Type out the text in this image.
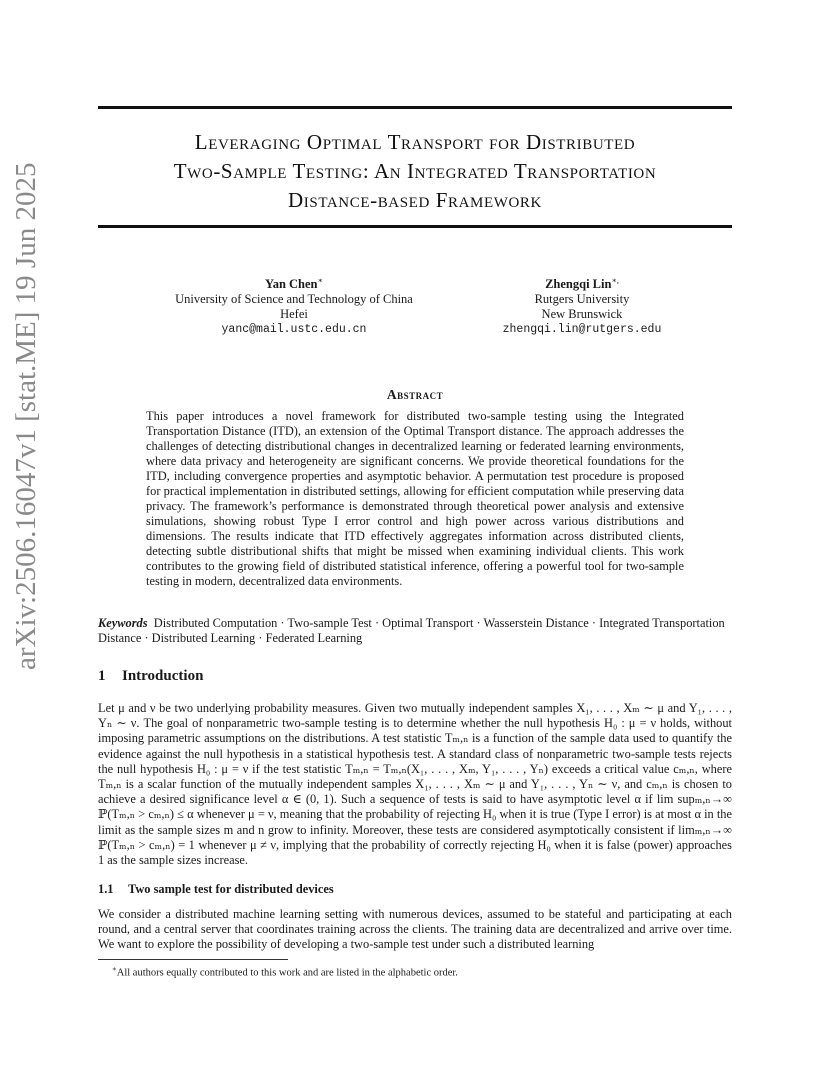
arXiv:2506.16047v1 [stat.ME] 19 Jun 2025
Leveraging Optimal Transport for Distributed
Two-Sample Testing: An Integrated Transportation
Distance-based Framework
Yan Chen∗
University of Science and Technology of China
Hefei
yanc@mail.ustc.edu.cn
Zhengqi Lin∗,
Rutgers University
New Brunswick
zhengqi.lin@rutgers.edu
Abstract
This paper introduces a novel framework for distributed two-sample testing using the Integrated Transportation Distance (ITD), an extension of the Optimal Transport distance. The approach addresses the challenges of detecting distributional changes in decentralized learning or federated learning environments, where data privacy and heterogeneity are significant concerns. We provide theoretical foundations for the ITD, including convergence properties and asymptotic behavior. A permutation test procedure is proposed for practical implementation in distributed settings, allowing for efficient computation while preserving data privacy. The framework’s performance is demonstrated through theoretical power analysis and extensive simulations, showing robust Type I error control and high power across various distributions and dimensions. The results indicate that ITD effectively aggregates information across distributed clients, detecting subtle distributional shifts that might be missed when examining individual clients. This work contributes to the growing field of distributed statistical inference, offering a powerful tool for two-sample testing in modern, decentralized data environments.
Keywords Distributed Computation · Two-sample Test · Optimal Transport · Wasserstein Distance · Integrated Transportation Distance · Distributed Learning · Federated Learning
1 Introduction
Let μ and ν be two underlying probability measures. Given two mutually independent samples X₁, . . . , Xₘ ∼ μ and Y₁, . . . , Yₙ ∼ ν. The goal of nonparametric two-sample testing is to determine whether the null hypothesis H₀ : μ = ν holds, without imposing parametric assumptions on the distributions. A test statistic Tₘ,ₙ is a function of the sample data used to quantify the evidence against the null hypothesis in a statistical hypothesis test. A standard class of nonparametric two-sample tests rejects the null hypothesis H₀ : μ = ν if the test statistic Tₘ,ₙ = Tₘ,ₙ(X₁, . . . , Xₘ, Y₁, . . . , Yₙ) exceeds a critical value cₘ,ₙ, where Tₘ,ₙ is a scalar function of the mutually independent samples X₁, . . . , Xₘ ∼ μ and Y₁, . . . , Yₙ ∼ ν, and cₘ,ₙ is chosen to achieve a desired significance level α ∈ (0, 1). Such a sequence of tests is said to have asymptotic level α if lim supₘ,ₙ→∞ ℙ(Tₘ,ₙ > cₘ,ₙ) ≤ α whenever μ = ν, meaning that the probability of rejecting H₀ when it is true (Type I error) is at most α in the limit as the sample sizes m and n grow to infinity. Moreover, these tests are considered asymptotically consistent if limₘ,ₙ→∞ ℙ(Tₘ,ₙ > cₘ,ₙ) = 1 whenever μ ≠ ν, implying that the probability of correctly rejecting H₀ when it is false (power) approaches 1 as the sample sizes increase.
1.1 Two sample test for distributed devices
We consider a distributed machine learning setting with numerous devices, assumed to be stateful and participating at each round, and a central server that coordinates training across the clients. The training data are decentralized and arrive over time. We want to explore the possibility of developing a two-sample test under such a distributed learning
∗All authors equally contributed to this work and are listed in the alphabetic order.
